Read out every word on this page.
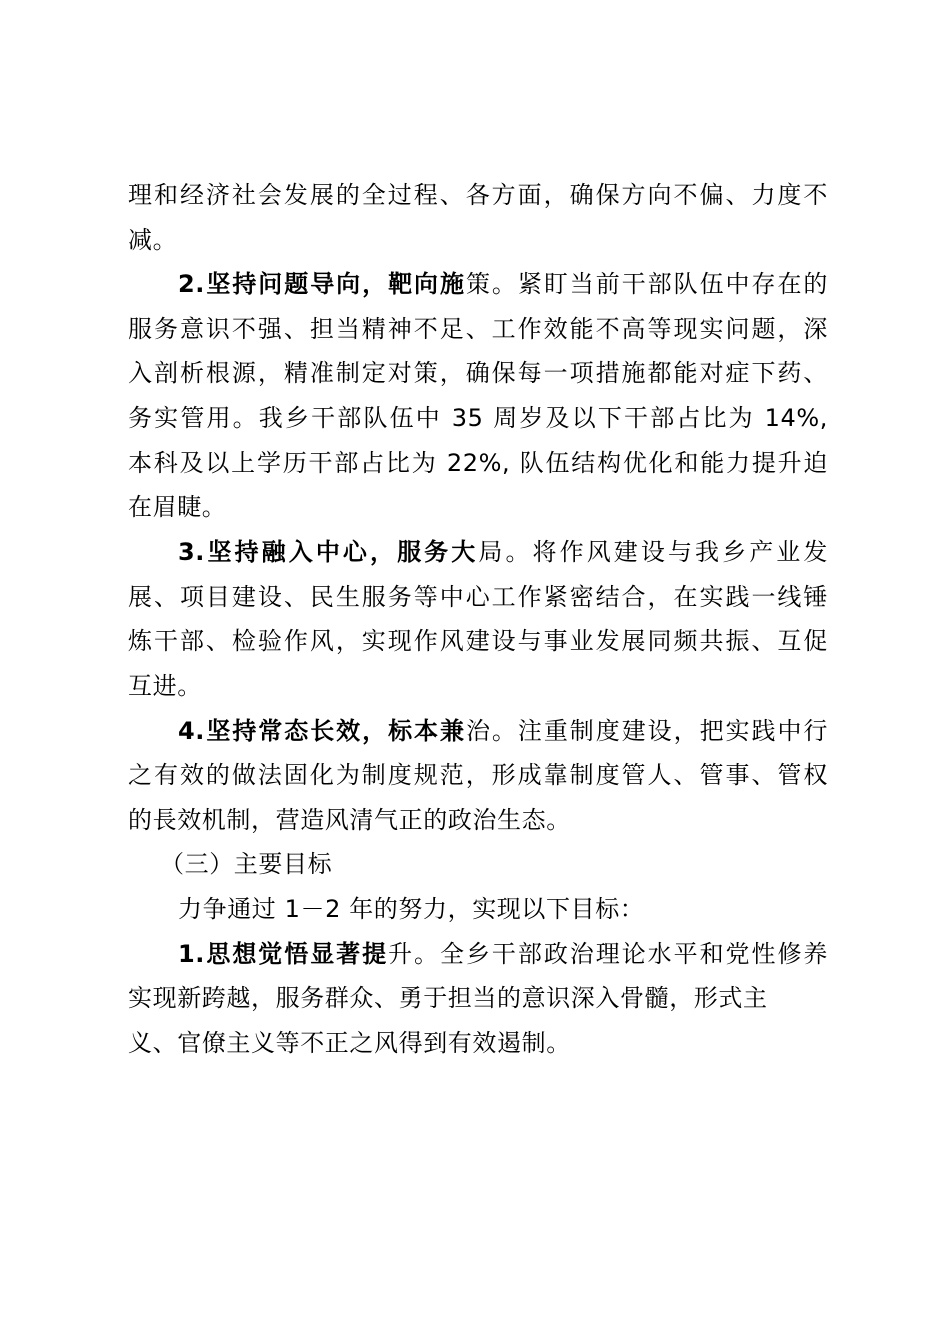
理和经济社会发展的全过程、各方面，确保方向不偏、力度不
减。
2.坚持问题导向，靶向施策。紧盯当前干部队伍中存在的
服务意识不强、担当精神不足、工作效能不高等现实问题，深
入剖析根源，精准制定对策，确保每一项措施都能对症下药、
务实管用。我乡干部队伍中 35 周岁及以下干部占比为 14%,
本科及以上学历干部占比为 22%, 队伍结构优化和能力提升迫
在眉睫。
3.坚持融入中心，服务大局。将作风建设与我乡产业发
展、项目建设、民生服务等中心工作紧密结合，在实践一线锤
炼干部、检验作风，实现作风建设与事业发展同频共振、互促
互进。
4.坚持常态长效，标本兼治。注重制度建设，把实践中行
之有效的做法固化为制度规范，形成靠制度管人、管事、管权
的長效机制，营造风清气正的政治生态。
（三）主要目标
力争通过 1－2 年的努力，实现以下目标：
1.思想觉悟显著提升。全乡干部政治理论水平和党性修养
实现新跨越，服务群众、勇于担当的意识深入骨髓，形式主
义、官僚主义等不正之风得到有效遏制。
